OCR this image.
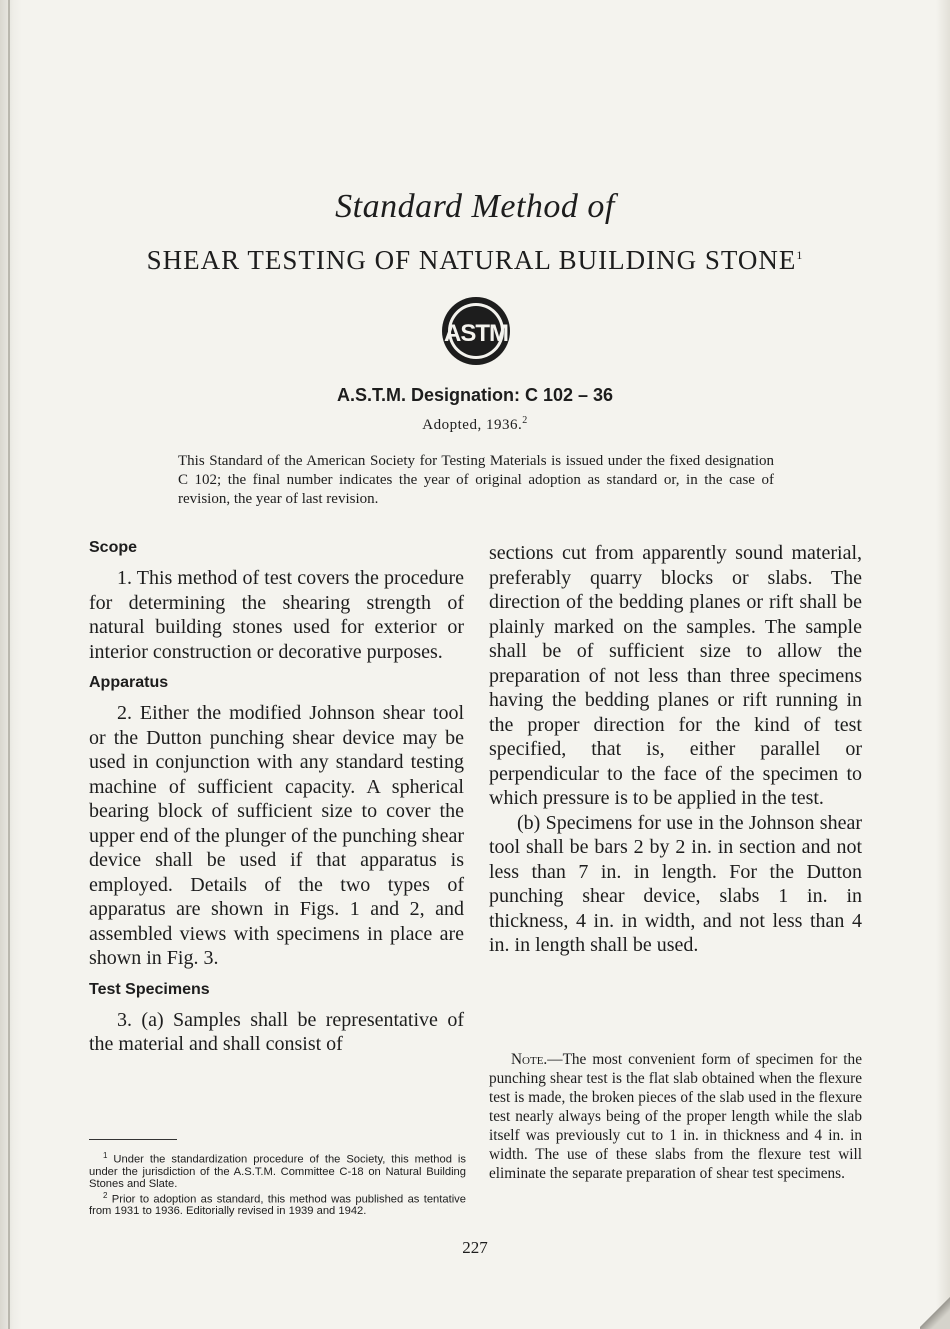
Standard Method of
SHEAR TESTING OF NATURAL BUILDING STONE$^1$
ASTM
A.S.T.M. Designation: C 102 – 36
Adopted, 1936.$^2$
This Standard of the American Society for Testing Materials is issued under the fixed designation C 102; the final number indicates the year of original adoption as standard or, in the case of revision, the year of last revision.
Scope

1. This method of test covers the procedure for determining the shearing strength of natural building stones used for exterior or interior construction or decorative purposes.

Apparatus

2. Either the modified Johnson shear tool or the Dutton punching shear device may be used in conjunction with any standard testing machine of sufficient capacity. A spherical bearing block of sufficient size to cover the upper end of the plunger of the punching shear device shall be used if that apparatus is employed. Details of the two types of apparatus are shown in Figs. 1 and 2, and assembled views with specimens in place are shown in Fig. 3.

Test Specimens

3. (a) Samples shall be representative of the material and shall consist of

$^1$ Under the standardization procedure of the Society, this method is under the jurisdiction of the A.S.T.M. Committee C-18 on Natural Building Stones and Slate.

$^2$ Prior to adoption as standard, this method was published as tentative from 1931 to 1936. Editorially revised in 1939 and 1942.

sections cut from apparently sound material, preferably quarry blocks or slabs. The direction of the bedding planes or rift shall be plainly marked on the samples. The sample shall be of sufficient size to allow the preparation of not less than three specimens having the bedding planes or rift running in the proper direction for the kind of test specified, that is, either parallel or perpendicular to the face of the specimen to which pressure is to be applied in the test.

(b) Specimens for use in the Johnson shear tool shall be bars 2 by 2 in. in section and not less than 7 in. in length. For the Dutton punching shear device, slabs 1 in. in thickness, 4 in. in width, and not less than 4 in. in length shall be used.

Note.—The most convenient form of specimen for the punching shear test is the flat slab obtained when the flexure test is made, the broken pieces of the slab used in the flexure test nearly always being of the proper length while the slab itself was previously cut to 1 in. in thickness and 4 in. in width. The use of these slabs from the flexure test will eliminate the separate preparation of shear test specimens.

227
